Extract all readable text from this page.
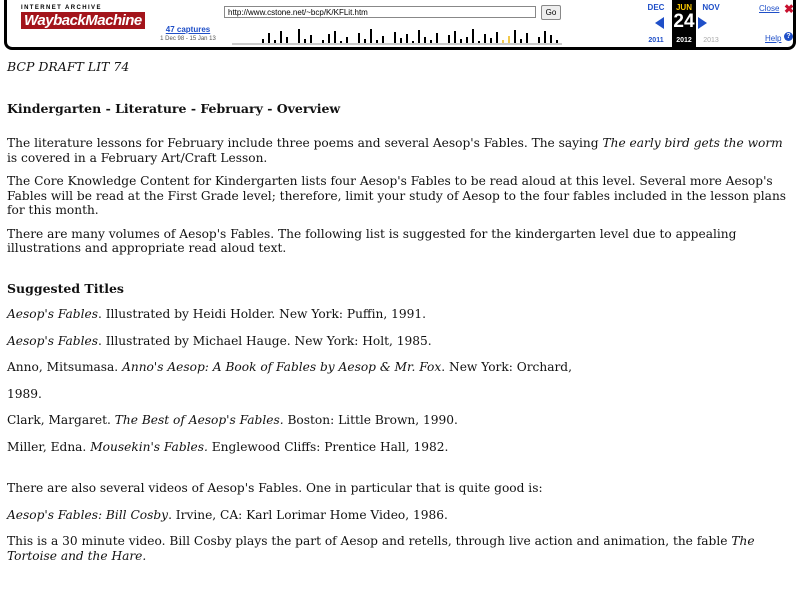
INTERNET ARCHIVE
WaybackMachine
http://www.cstone.net/~bcp/K/KFLit.htm	Go
47 captures
1 Dec 98 - 15 Jan 13
JUN
DEC	NOV
24
2011	2012	2013
Close ✖
Help ?

BCP DRAFT LIT 74

Kindergarten - Literature - February - Overview

The literature lessons for February include three poems and several Aesop's Fables. The saying The early bird gets the worm is covered in a February Art/Craft Lesson.

The Core Knowledge Content for Kindergarten lists four Aesop's Fables to be read aloud at this level. Several more Aesop's Fables will be read at the First Grade level; therefore, limit your study of Aesop to the four fables included in the lesson plans for this month.

There are many volumes of Aesop's Fables. The following list is suggested for the kindergarten level due to appealing illustrations and appropriate read aloud text.

Suggested Titles

Aesop's Fables. Illustrated by Heidi Holder. New York: Puffin, 1991.

Aesop's Fables. Illustrated by Michael Hauge. New York: Holt, 1985.

Anno, Mitsumasa. Anno's Aesop: A Book of Fables by Aesop & Mr. Fox. New York: Orchard,

1989.

Clark, Margaret. The Best of Aesop's Fables. Boston: Little Brown, 1990.

Miller, Edna. Mousekin's Fables. Englewood Cliffs: Prentice Hall, 1982.

There are also several videos of Aesop's Fables. One in particular that is quite good is:

Aesop's Fables: Bill Cosby. Irvine, CA: Karl Lorimar Home Video, 1986.

This is a 30 minute video. Bill Cosby plays the part of Aesop and retells, through live action and animation, the fable The Tortoise and the Hare.
